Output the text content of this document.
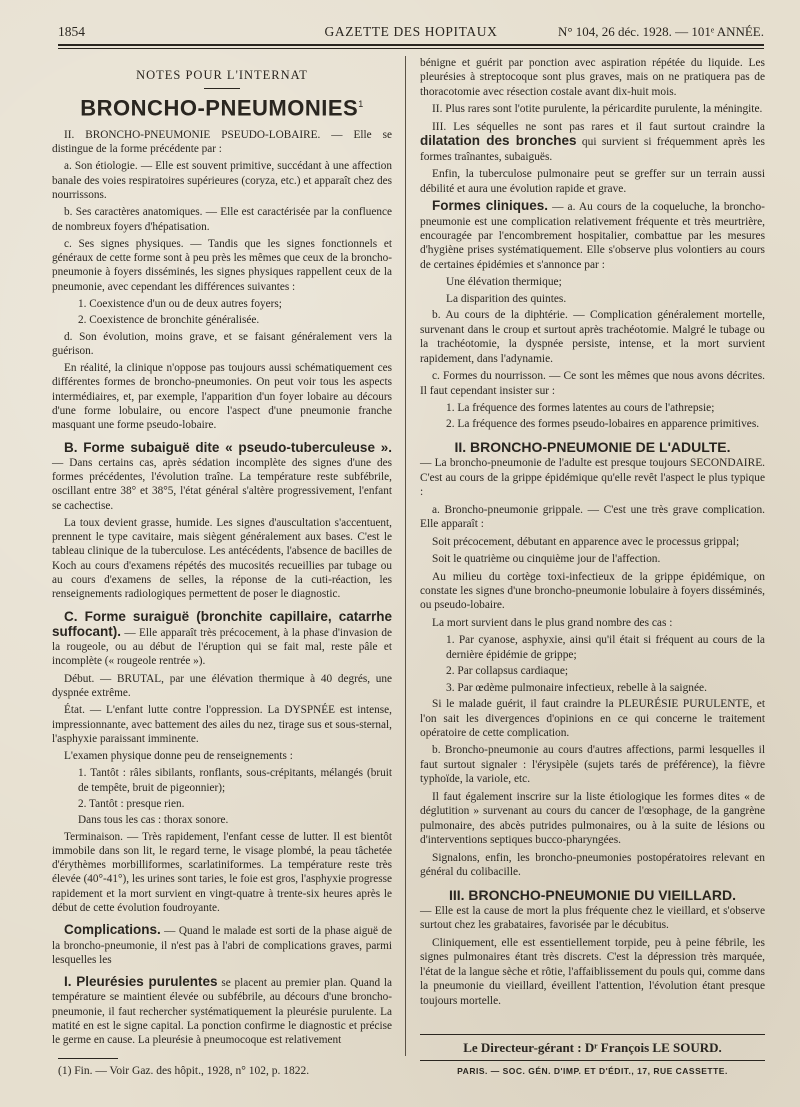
1854	GAZETTE DES HOPITAUX	N° 104, 26 déc. 1928. — 101ᵉ ANNÉE.
NOTES POUR L'INTERNAT
BRONCHO-PNEUMONIES$^1$

II. BRONCHO-PNEUMONIE PSEUDO-LOBAIRE. — Elle se distingue de la forme précédente par :

a. Son étiologie. — Elle est souvent primitive, succédant à une affection banale des voies respiratoires supérieures (coryza, etc.) et apparaît chez des nourrissons.

b. Ses caractères anatomiques. — Elle est caractérisée par la confluence de nombreux foyers d'hépatisation.

c. Ses signes physiques. — Tandis que les signes fonctionnels et généraux de cette forme sont à peu près les mêmes que ceux de la broncho-pneumonie à foyers disséminés, les signes physiques rappellent ceux de la pneumonie, avec cependant les différences suivantes :

1. Coexistence d'un ou de deux autres foyers;
2. Coexistence de bronchite généralisée.

d. Son évolution, moins grave, et se faisant généralement vers la guérison.

En réalité, la clinique n'oppose pas toujours aussi schématiquement ces différentes formes de broncho-pneumonies. On peut voir tous les aspects intermédiaires, et, par exemple, l'apparition d'un foyer lobaire au décours d'une forme lobulaire, ou encore l'aspect d'une pneumonie franche masquant une forme pseudo-lobaire.

B. Forme subaiguë dite « pseudo-tuberculeuse ». — Dans certains cas, après sédation incomplète des signes d'une des formes précédentes, l'évolution traîne. La température reste subfébrile, oscillant entre 38° et 38°5, l'état général s'altère progressivement, l'enfant se cachectise.

La toux devient grasse, humide. Les signes d'auscultation s'accentuent, prennent le type cavitaire, mais siègent généralement aux bases. C'est le tableau clinique de la tuberculose. Les antécédents, l'absence de bacilles de Koch au cours d'examens répétés des mucosités recueillies par tubage ou au cours d'examens de selles, la réponse de la cuti-réaction, les renseignements radiologiques permettent de poser le diagnostic.

C. Forme suraiguë (bronchite capillaire, catarrhe suffocant). — Elle apparaît très précocement, à la phase d'invasion de la rougeole, ou au début de l'éruption qui se fait mal, reste pâle et incomplète (« rougeole rentrée »).

Début. — BRUTAL, par une élévation thermique à 40 degrés, une dyspnée extrême.

État. — L'enfant lutte contre l'oppression. La DYSPNÉE est intense, impressionnante, avec battement des ailes du nez, tirage sus et sous-sternal, l'asphyxie paraissant imminente.

L'examen physique donne peu de renseignements :

1. Tantôt : râles sibilants, ronflants, sous-crépitants, mélangés (bruit de tempête, bruit de pigeonnier);
2. Tantôt : presque rien.
Dans tous les cas : thorax sonore.

Terminaison. — Très rapidement, l'enfant cesse de lutter. Il est bientôt immobile dans son lit, le regard terne, le visage plombé, la peau tâchetée d'érythèmes morbilliformes, scarlatiniformes. La température reste très élevée (40°-41°), les urines sont taries, le foie est gros, l'asphyxie progresse rapidement et la mort survient en vingt-quatre à trente-six heures après le début de cette évolution foudroyante.

Complications. — Quand le malade est sorti de la phase aiguë de la broncho-pneumonie, il n'est pas à l'abri de complications graves, parmi lesquelles les

I. Pleurésies purulentes se placent au premier plan. Quand la température se maintient élevée ou subfébrile, au décours d'une broncho-pneumonie, il faut rechercher systématiquement la pleurésie purulente. La matité en est le signe capital. La ponction confirme le diagnostic et précise le germe en cause. La pleurésie à pneumocoque est relativement

bénigne et guérit par ponction avec aspiration répétée du liquide. Les pleurésies à streptocoque sont plus graves, mais on ne pratiquera pas de thoracotomie avec résection costale avant dix-huit mois.

II. Plus rares sont l'otite purulente, la péricardite purulente, la méningite.

III. Les séquelles ne sont pas rares et il faut surtout craindre la dilatation des bronches qui survient si fréquemment après les formes traînantes, subaiguës.

Enfin, la tuberculose pulmonaire peut se greffer sur un terrain aussi débilité et aura une évolution rapide et grave.

Formes cliniques. — a. Au cours de la coqueluche, la broncho-pneumonie est une complication relativement fréquente et très meurtrière, encouragée par l'encombrement hospitalier, combattue par les mesures d'hygiène prises systématiquement. Elle s'observe plus volontiers au cours de certaines épidémies et s'annonce par :

Une élévation thermique;
La disparition des quintes.

b. Au cours de la diphtérie. — Complication généralement mortelle, survenant dans le croup et surtout après trachéotomie. Malgré le tubage ou la trachéotomie, la dyspnée persiste, intense, et la mort survient rapidement, dans l'adynamie.

c. Formes du nourrisson. — Ce sont les mêmes que nous avons décrites. Il faut cependant insister sur :

1. La fréquence des formes latentes au cours de l'athrepsie;
2. La fréquence des formes pseudo-lobaires en apparence primitives.
II. BRONCHO-PNEUMONIE DE L'ADULTE.

— La broncho-pneumonie de l'adulte est presque toujours SECONDAIRE. C'est au cours de la grippe épidémique qu'elle revêt l'aspect le plus typique :

a. Broncho-pneumonie grippale. — C'est une très grave complication. Elle apparaît :

Soit précocement, débutant en apparence avec le processus grippal;

Soit le quatrième ou cinquième jour de l'affection.

Au milieu du cortège toxi-infectieux de la grippe épidémique, on constate les signes d'une broncho-pneumonie lobulaire à foyers disséminés, ou pseudo-lobaire.

La mort survient dans le plus grand nombre des cas :

1. Par cyanose, asphyxie, ainsi qu'il était si fréquent au cours de la dernière épidémie de grippe;
2. Par collapsus cardiaque;
3. Par œdème pulmonaire infectieux, rebelle à la saignée.

Si le malade guérit, il faut craindre la PLEURÉSIE PURULENTE, et l'on sait les divergences d'opinions en ce qui concerne le traitement opératoire de cette complication.

b. Broncho-pneumonie au cours d'autres affections, parmi lesquelles il faut surtout signaler : l'érysipèle (sujets tarés de préférence), la fièvre typhoïde, la variole, etc.

Il faut également inscrire sur la liste étiologique les formes dites « de déglutition » survenant au cours du cancer de l'œsophage, de la gangrène pulmonaire, des abcès putrides pulmonaires, ou à la suite de lésions ou d'interventions septiques bucco-pharyngées.

Signalons, enfin, les broncho-pneumonies postopératoires relevant en général du colibacille.

III. BRONCHO-PNEUMONIE DU VIEILLARD.

— Elle est la cause de mort la plus fréquente chez le vieillard, et s'observe surtout chez les grabataires, favorisée par le décubitus.

Cliniquement, elle est essentiellement torpide, peu à peine fébrile, les signes pulmonaires étant très discrets. C'est la dépression très marquée, l'état de la langue sèche et rôtie, l'affaiblissement du pouls qui, comme dans la pneumonie du vieillard, éveillent l'attention, l'évolution étant presque toujours mortelle.

(1) Fin. — Voir Gaz. des hôpit., 1928, n° 102, p. 1822.
Le Directeur-gérant : Dʳ François LE SOURD.
PARIS. — SOC. GÉN. D'IMP. ET D'ÉDIT., 17, RUE CASSETTE.
